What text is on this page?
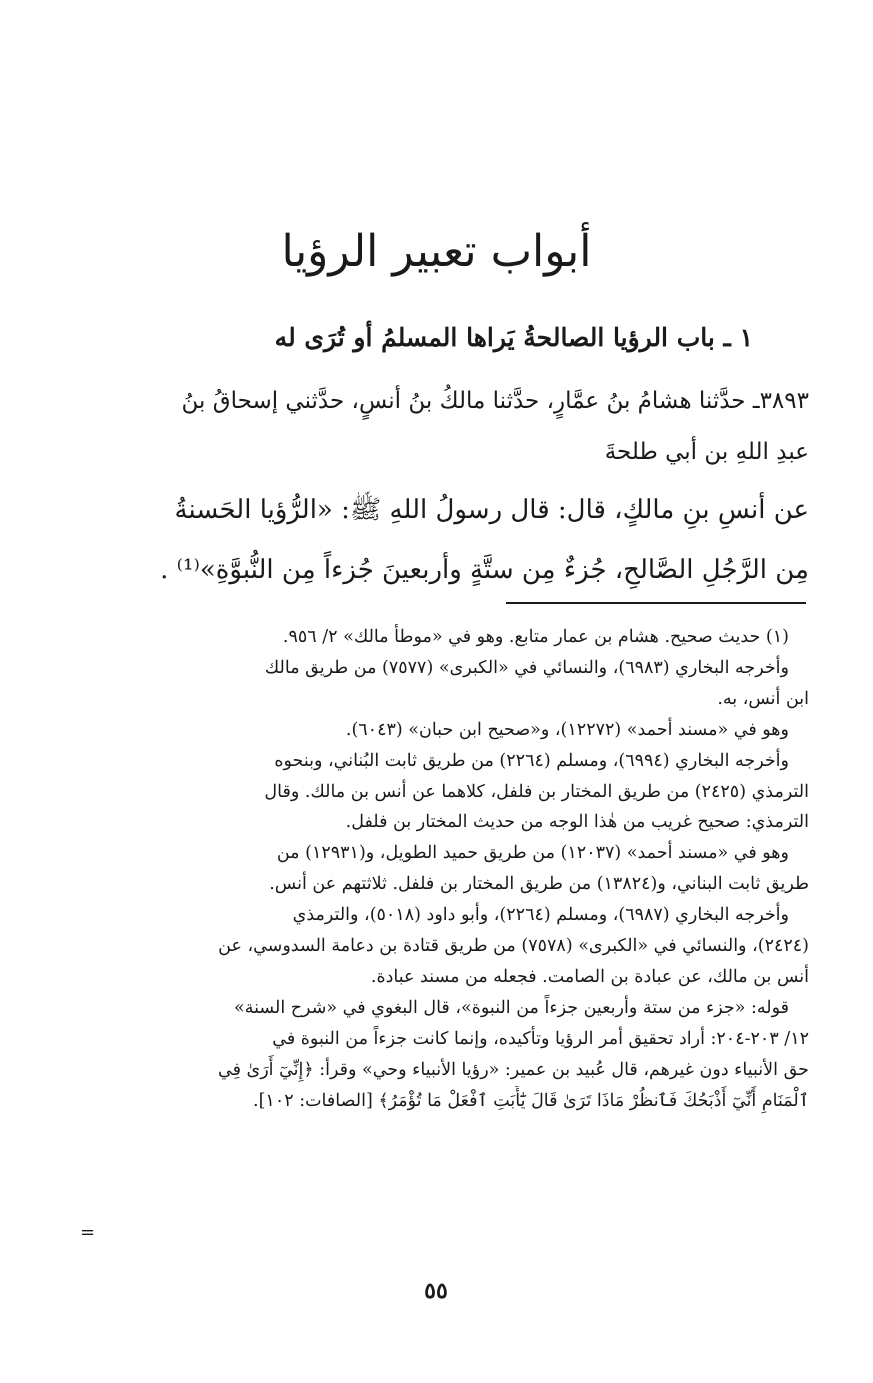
أبواب تعبير الرؤيا
١ ـ باب الرؤيا الصالحةُ يَراها المسلمُ أو تُرَى له
٣٨٩٣ـ حدَّثنا هشامُ بنُ عمَّارٍ، حدَّثنا مالكُ بنُ أنسٍ، حدَّثني إسحاقُ بنُ
عبدِ اللهِ بن أبي طلحةَ
عن أنسِ بنِ مالكٍ، قال: قال رسولُ اللهِ ﷺ: «الرُّؤيا الحَسنةُ
مِن الرَّجُلِ الصَّالحِ، جُزءٌ مِن ستَّةٍ وأربعينَ جُزءاً مِن النُّبوَّةِ»⁽¹⁾ .
(١) حديث صحيح. هشام بن عمار متابع. وهو في «موطأ مالك» ٢/ ٩٥٦.
وأخرجه البخاري (٦٩٨٣)، والنسائي في «الكبرى» (٧٥٧٧) من طريق مالك
ابن أنس، به.
وهو في «مسند أحمد» (١٢٢٧٢)، و«صحيح ابن حبان» (٦٠٤٣).
وأخرجه البخاري (٦٩٩٤)، ومسلم (٢٢٦٤) من طريق ثابت البُناني، وبنحوه
الترمذي (٢٤٢٥) من طريق المختار بن فلفل، كلاهما عن أنس بن مالك. وقال
الترمذي: صحيح غريب من هٰذا الوجه من حديث المختار بن فلفل.
وهو في «مسند أحمد» (١٢٠٣٧) من طريق حميد الطويل، و(١٢٩٣١) من
طريق ثابت البناني، و(١٣٨٢٤) من طريق المختار بن فلفل. ثلاثتهم عن أنس.
وأخرجه البخاري (٦٩٨٧)، ومسلم (٢٢٦٤)، وأبو داود (٥٠١٨)، والترمذي
(٢٤٢٤)، والنسائي في «الكبرى» (٧٥٧٨) من طريق قتادة بن دعامة السدوسي، عن
أنس بن مالك، عن عبادة بن الصامت. فجعله من مسند عبادة.
قوله: «جزء من ستة وأربعين جزءاً من النبوة»، قال البغوي في «شرح السنة»
١٢/ ٢٠٣-٢٠٤: أراد تحقيق أمر الرؤيا وتأكيده، وإنما كانت جزءاً من النبوة في
حق الأنبياء دون غيرهم، قال عُبيد بن عمير: «رؤيا الأنبياء وحي» وقرأ: ﴿إِنِّيٓ أَرَىٰ فِي
ٱلْمَنَامِ أَنِّيٓ أَذْبَحُكَ فَٱنظُرْ مَاذَا تَرَىٰ قَالَ يَٰٓأَبَتِ ٱفْعَلْ مَا تُؤْمَرُ﴾ [الصافات: ١٠٢].
=
٥٥
